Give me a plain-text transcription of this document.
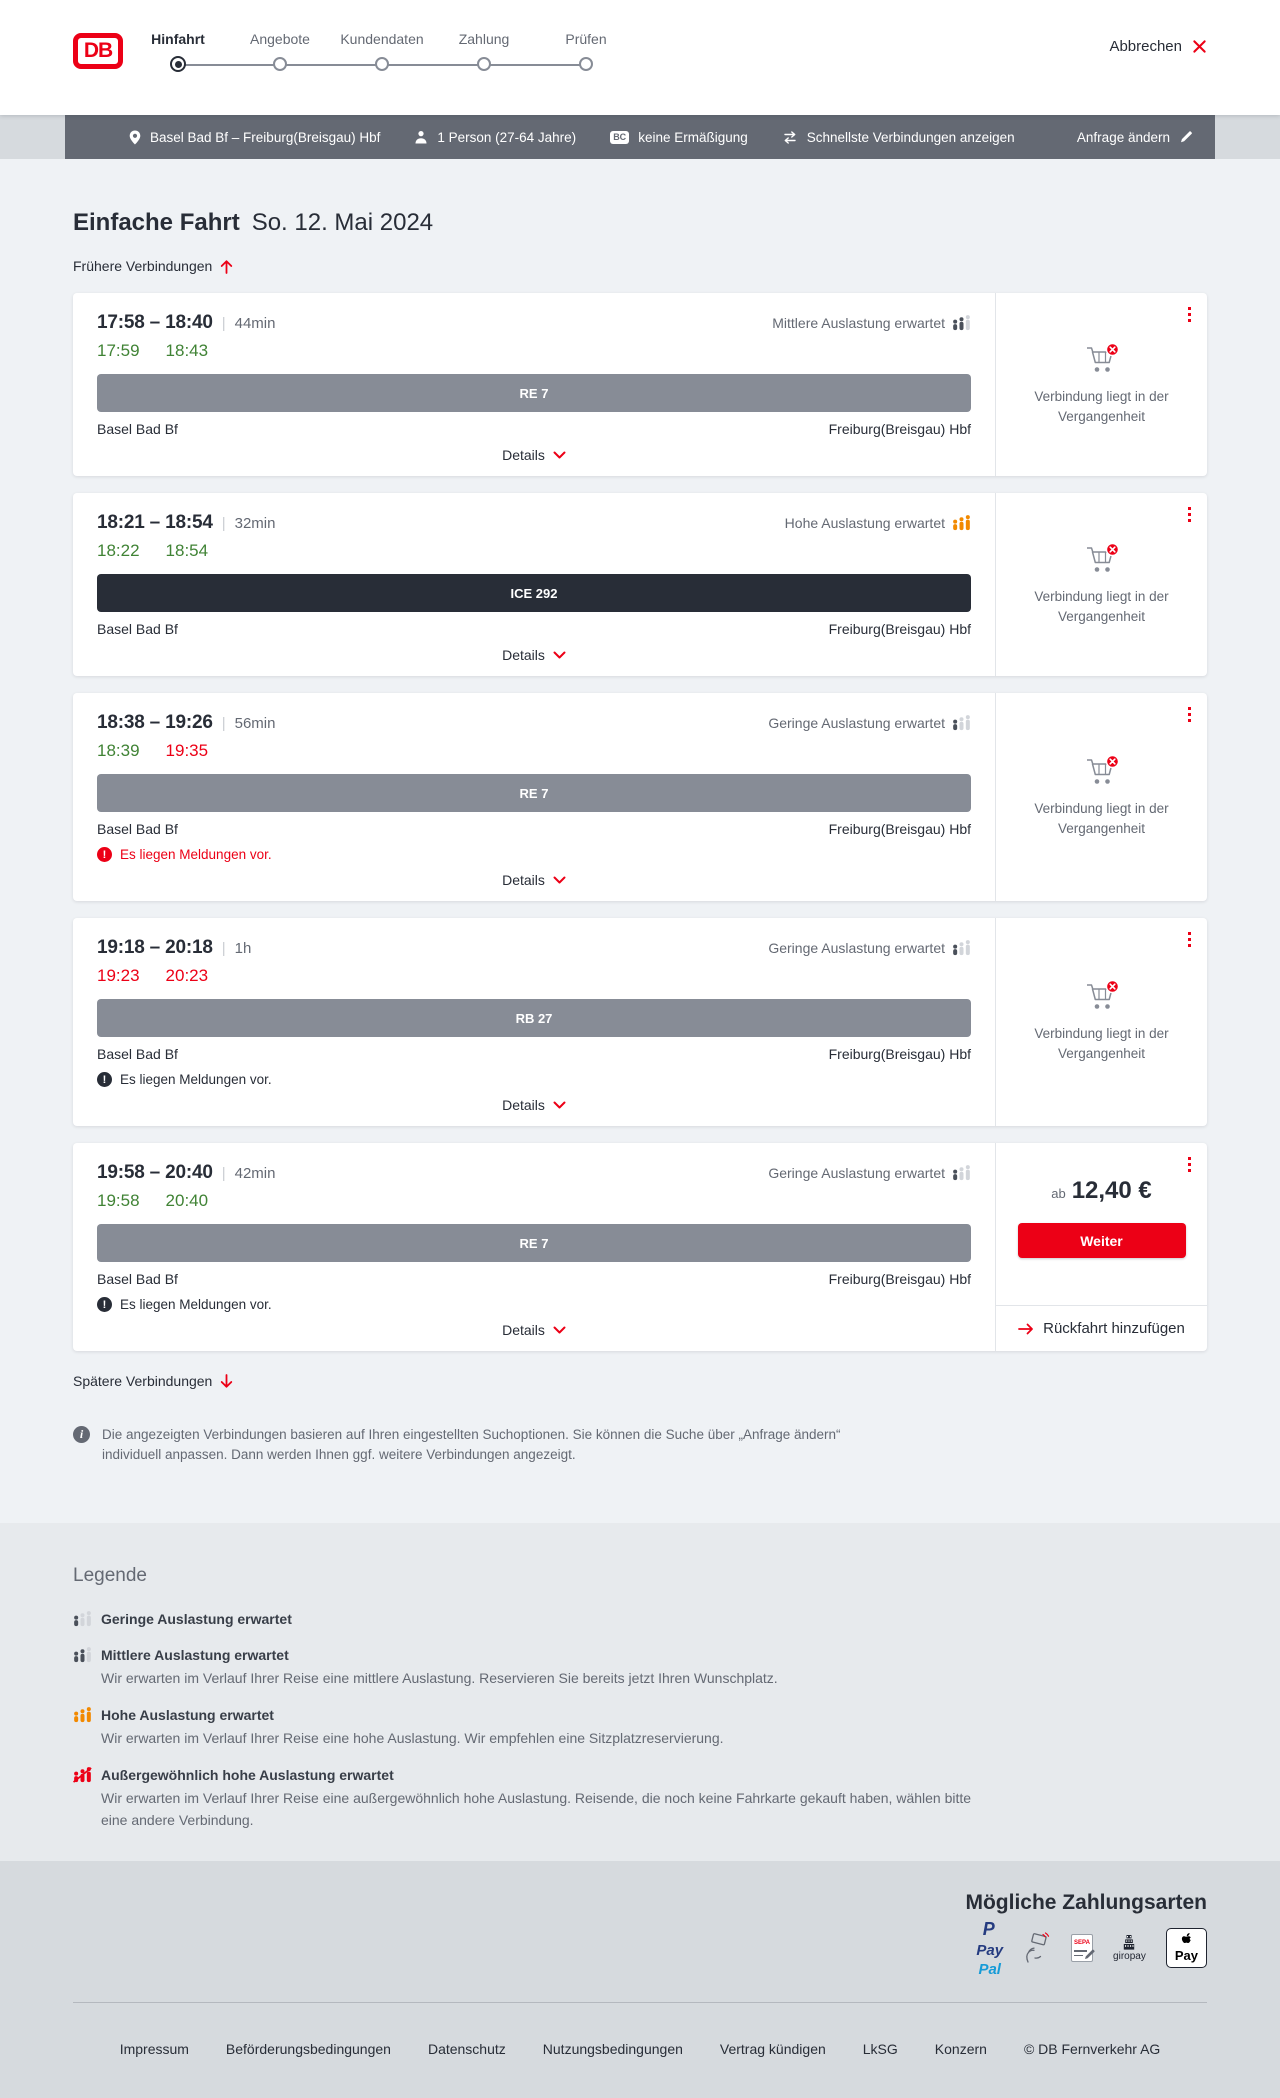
DB	Hinfahrt	Angebote Kundendaten	Zahlung	Prüfen	Abbrechen
Basel Bad Bf – Freiburg(Breisgau) Hbf	1 Person (27-64 Jahre)	BC keine Ermäßigung	Schnellste Verbindungen anzeigen	Anfrage ändern
Einfache Fahrt So. 12. Mai 2024
Frühere Verbindungen
17:58 – 18:40 | 44min	Mittlere Auslastung erwartet
17:59 18:43
RE 7
Basel Bad Bf	Freiburg(Breisgau) Hbf
Details
Verbindung liegt in der Vergangenheit
18:21 – 18:54 | 32min	Hohe Auslastung erwartet
18:22 18:54
ICE 292
Basel Bad Bf	Freiburg(Breisgau) Hbf
Details
Verbindung liegt in der Vergangenheit
18:38 – 19:26 | 56min	Geringe Auslastung erwartet
18:39 19:35
RE 7
Basel Bad Bf	Freiburg(Breisgau) Hbf
!	Es liegen Meldungen vor.
Details
Verbindung liegt in der Vergangenheit
19:18 – 20:18 | 1h	Geringe Auslastung erwartet
19:23 20:23
RB 27
Basel Bad Bf	Freiburg(Breisgau) Hbf
!	Es liegen Meldungen vor.
Details
Verbindung liegt in der Vergangenheit
19:58 – 20:40 | 42min	Geringe Auslastung erwartet
19:58 20:40
RE 7
Basel Bad Bf	Freiburg(Breisgau) Hbf
!	Es liegen Meldungen vor.
Details
ab 12,40 €
Weiter
Rückfahrt hinzufügen
Spätere Verbindungen
i	Die angezeigten Verbindungen basieren auf Ihren eingestellten Suchoptionen. Sie können die Suche über „Anfrage ändern“ individuell anpassen. Dann werden Ihnen ggf. weitere Verbindungen angezeigt.

Legende
Geringe Auslastung erwartet
Mittlere Auslastung erwartet
Wir erwarten im Verlauf Ihrer Reise eine mittlere Auslastung. Reservieren Sie bereits jetzt Ihren Wunschplatz.
Hohe Auslastung erwartet
Wir erwarten im Verlauf Ihrer Reise eine hohe Auslastung. Wir empfehlen eine Sitzplatzreservierung.
Außergewöhnlich hohe Auslastung erwartet
Wir erwarten im Verlauf Ihrer Reise eine außergewöhnlich hohe Auslastung. Reisende, die noch keine Fahrkarte gekauft haben, wählen bitte eine andere Verbindung.
Mögliche Zahlungsarten
P
Pay
Pal
SEPA
giropay Pay
Impressum	Beförderungsbedingungen	Datenschutz	Nutzungsbedingungen	Vertrag kündigen	LkSG	Konzern	© DB Fernverkehr AG
